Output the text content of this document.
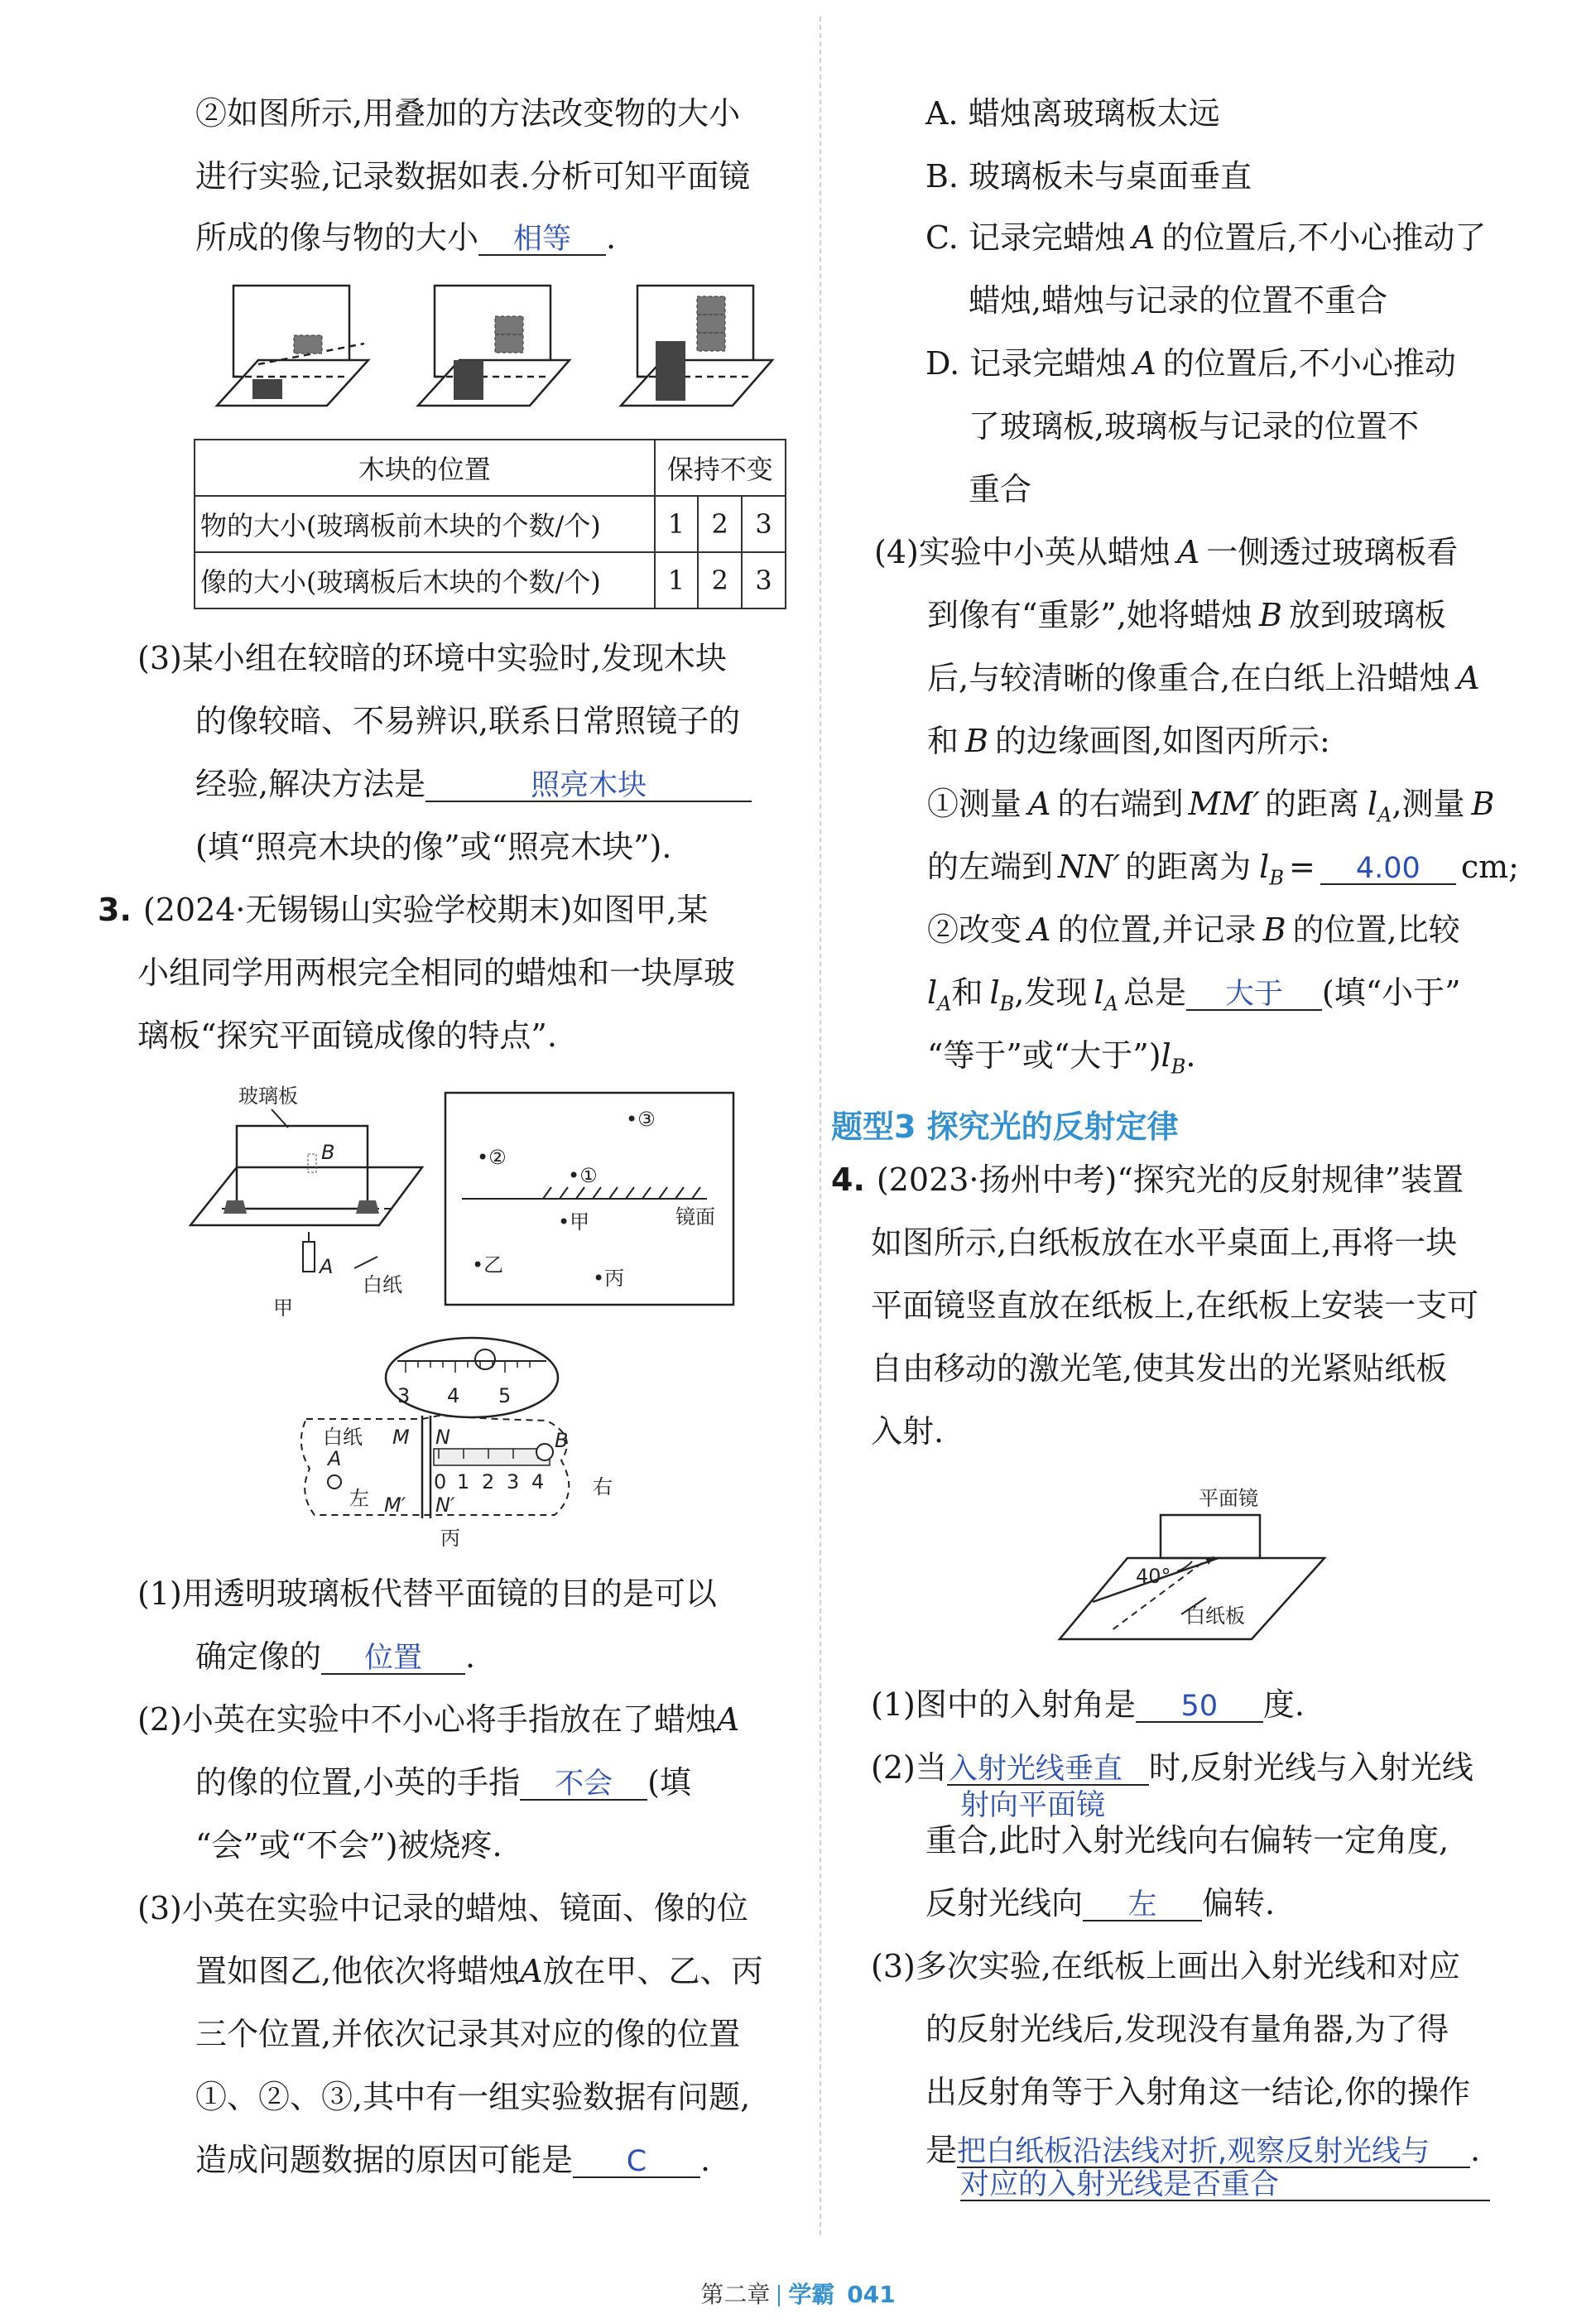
②如图所示,用叠加的方法改变物的大小
进行实验,记录数据如表.分析可知平面镜
所成的像与物的大小 相等 .
木块的位置	保持不变		
物的大小(玻璃板前木块的个数/个)	1	2	3
像的大小(玻璃板后木块的个数/个)	1	2	3
(3)某小组在较暗的环境中实验时,发现木块
的像较暗、不易辨识,联系日常照镜子的
经验,解决方法是	照亮木块
(填“照亮木块的像”或“照亮木块”).
3. (2024·无锡锡山实验学校期末)如图甲,某
小组同学用两根完全相同的蜡烛和一块厚玻
璃板“探究平面镜成像的特点”.
玻璃板
B
A
白纸
甲
•③
•②
•①
•甲	镜面
•乙
•丙
3 4 5
白纸
A
M N	B
0 1 2 3 4
左	右
M′ N′
丙
(1)用透明玻璃板代替平面镜的目的是可以
确定像的 位置 .
(2)小英在实验中不小心将手指放在了蜡烛A
的像的位置,小英的手指 不会 (填
“会”或“不会”)被烧疼.
(3)小英在实验中记录的蜡烛、镜面、像的位
置如图乙,他依次将蜡烛A放在甲、乙、丙
三个位置,并依次记录其对应的像的位置
①、②、③,其中有一组实验数据有问题,
造成问题数据的原因可能是 C .
A. 蜡烛离玻璃板太远
B. 玻璃板未与桌面垂直
C. 记录完蜡烛 A 的位置后,不小心推动了
蜡烛,蜡烛与记录的位置不重合
D. 记录完蜡烛 A 的位置后,不小心推动
了玻璃板,玻璃板与记录的位置不
重合
(4)实验中小英从蜡烛 A 一侧透过玻璃板看
到像有“重影”,她将蜡烛 B 放到玻璃板
后,与较清晰的像重合,在白纸上沿蜡烛 A
和 B 的边缘画图,如图丙所示:
①测量 A 的右端到 MM′ 的距离 $l_A$,测量 B
的左端到 NN′ 的距离为 $l_B = 4.00$ cm;
②改变 A 的位置,并记录 B 的位置,比较
$l_A$和 $l_B$,发现 $l_A$ 总是 大于 (填“小于”
“等于”或“大于$”)l_B$.
题型3 探究光的反射定律
4. (2023·扬州中考)“探究光的反射规律”装置
如图所示,白纸板放在水平桌面上,再将一块
平面镜竖直放在纸板上,在纸板上安装一支可
自由移动的激光笔,使其发出的光紧贴纸板
入射.
平面镜
40°
白纸板
(1)图中的入射角是 50 度.
(2)当入射光线垂直 时,反射光线与入射光线
射向平面镜
重合,此时入射光线向右偏转一定角度,
反射光线向 左 偏转.
(3)多次实验,在纸板上画出入射光线和对应
的反射光线后,发现没有量角器,为了得
出反射角等于入射角这一结论,你的操作
是把白纸板沿法线对折,观察反射光线与 .
对应的入射光线是否重合
第二章 学霸 041
